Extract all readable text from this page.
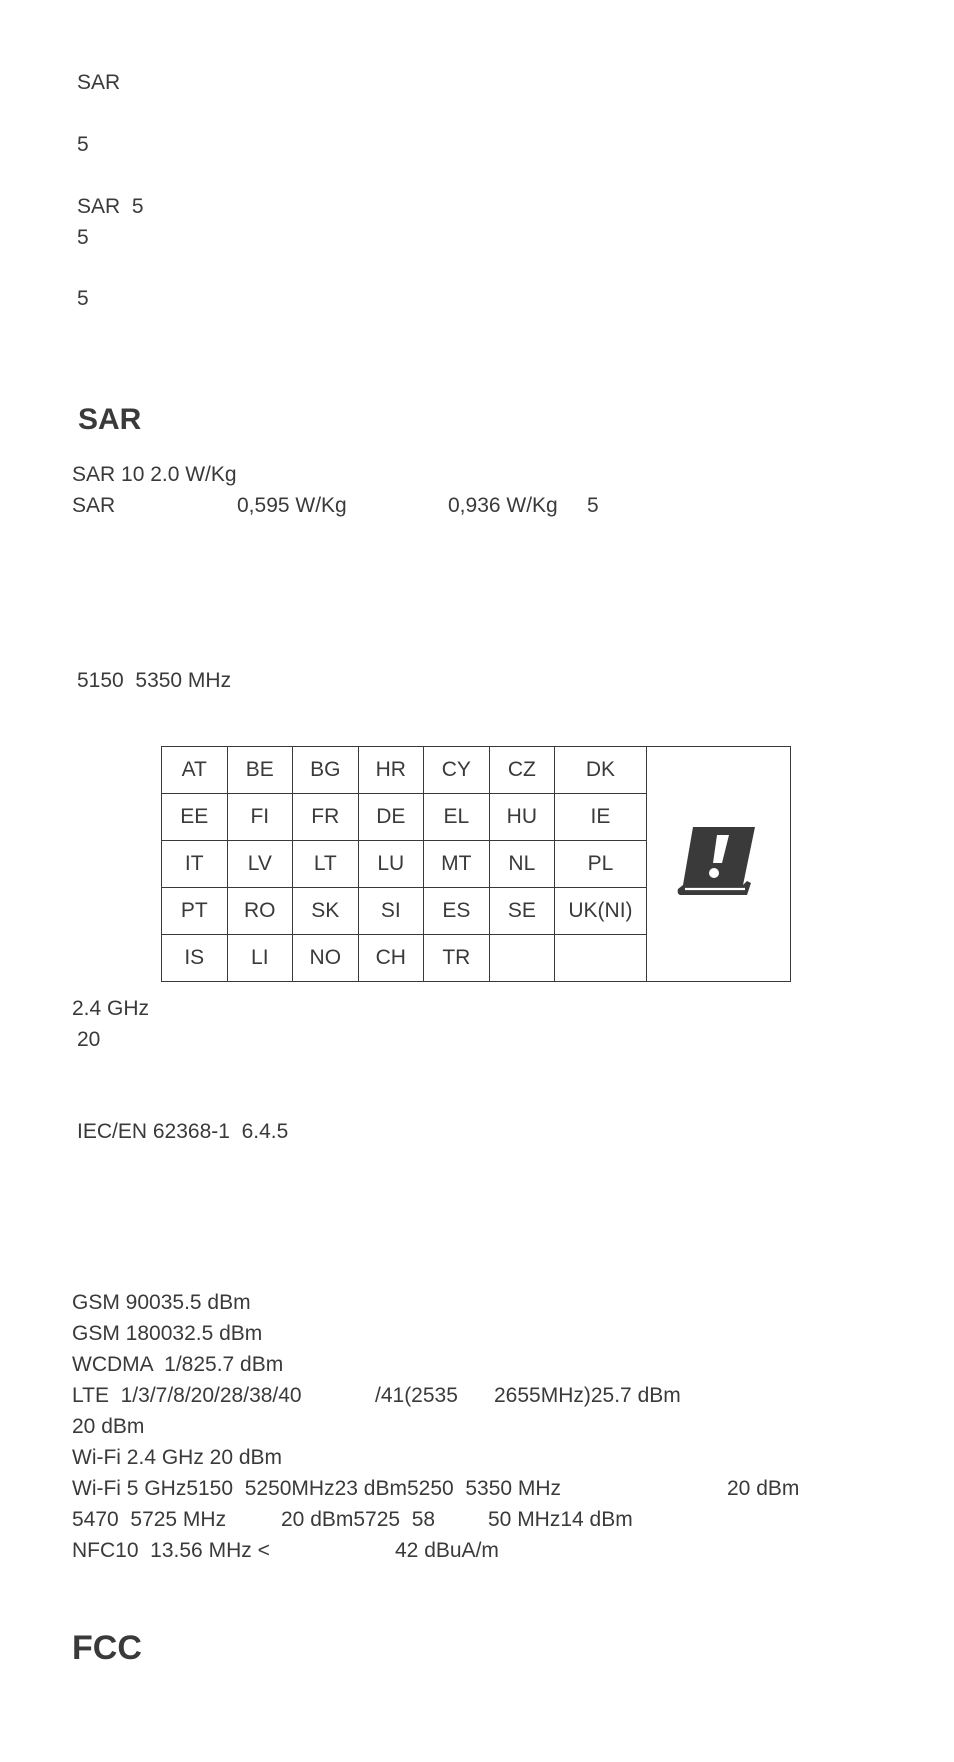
SAR

5

SAR  5

5

5

SAR

SAR 10 2.0 W/Kg

SAR	0,595 W/Kg	0,936 W/Kg 5

5150  5350 MHz

AT	BE	BG	HR	CY	CZ	DK	
EE	FI	FR	DE	EL	HU	IE	
IT	LV	LT	LU	MT	NL	PL	
PT	RO	SK	SI	ES	SE	UK(NI)	
IS	LI	NO	CH	TR			

2.4 GHz

20

IEC/EN 62368-1  6.4.5

GSM 90035.5 dBm

GSM 180032.5 dBm

WCDMA  1/825.7 dBm

LTE  1/3/7/8/20/28/38/40	/41(2535 2655MHz)25.7 dBm

20 dBm

Wi-Fi 2.4 GHz 20 dBm

Wi-Fi 5 GHz5150  5250MHz23 dBm5250  5350 MHz	20 dBm

5470  5725 MHz	20 dBm5725  58	50 MHz14 dBm

NFC10  13.56 MHz <	42 dBuA/m

FCC
